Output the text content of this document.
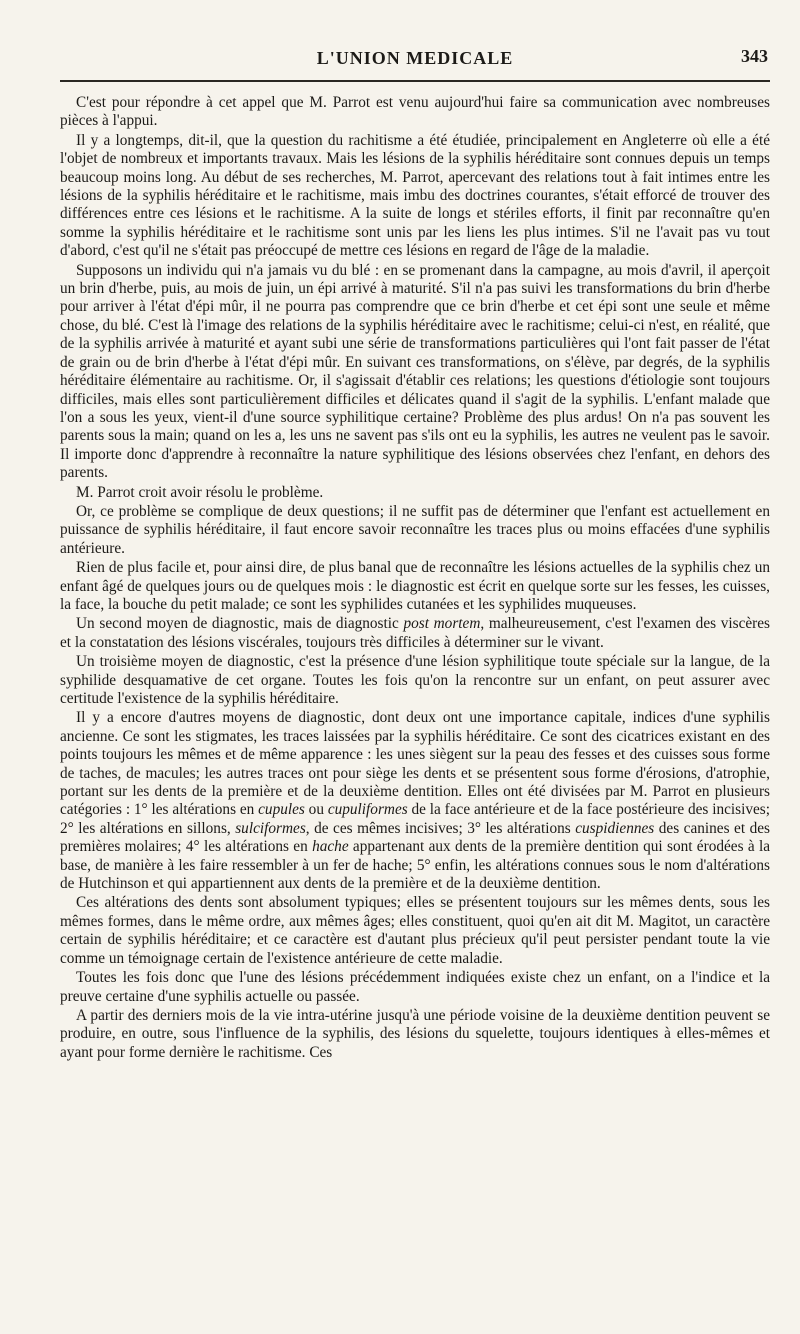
L'UNION MEDICALE	343

C'est pour répondre à cet appel que M. Parrot est venu aujourd'hui faire sa communication avec nombreuses pièces à l'appui.

Il y a longtemps, dit-il, que la question du rachitisme a été étudiée, principalement en Angleterre où elle a été l'objet de nombreux et importants travaux. Mais les lésions de la syphilis héréditaire sont connues depuis un temps beaucoup moins long. Au début de ses recherches, M. Parrot, apercevant des relations tout à fait intimes entre les lésions de la syphilis héréditaire et le rachitisme, mais imbu des doctrines courantes, s'était efforcé de trouver des différences entre ces lésions et le rachitisme. A la suite de longs et stériles efforts, il finit par reconnaître qu'en somme la syphilis héréditaire et le rachitisme sont unis par les liens les plus intimes. S'il ne l'avait pas vu tout d'abord, c'est qu'il ne s'était pas préoccupé de mettre ces lésions en regard de l'âge de la maladie.

Supposons un individu qui n'a jamais vu du blé : en se promenant dans la campagne, au mois d'avril, il aperçoit un brin d'herbe, puis, au mois de juin, un épi arrivé à maturité. S'il n'a pas suivi les transformations du brin d'herbe pour arriver à l'état d'épi mûr, il ne pourra pas comprendre que ce brin d'herbe et cet épi sont une seule et même chose, du blé. C'est là l'image des relations de la syphilis héréditaire avec le rachitisme; celui-ci n'est, en réalité, que de la syphilis arrivée à maturité et ayant subi une série de transformations particulières qui l'ont fait passer de l'état de grain ou de brin d'herbe à l'état d'épi mûr. En suivant ces transformations, on s'élève, par degrés, de la syphilis héréditaire élémentaire au rachitisme. Or, il s'agissait d'établir ces relations; les questions d'étiologie sont toujours difficiles, mais elles sont particulièrement difficiles et délicates quand il s'agit de la syphilis. L'enfant malade que l'on a sous les yeux, vient-il d'une source syphilitique certaine? Problème des plus ardus! On n'a pas souvent les parents sous la main; quand on les a, les uns ne savent pas s'ils ont eu la syphilis, les autres ne veulent pas le savoir. Il importe donc d'apprendre à reconnaître la nature syphilitique des lésions observées chez l'enfant, en dehors des parents.

M. Parrot croit avoir résolu le problème.

Or, ce problème se complique de deux questions; il ne suffit pas de déterminer que l'enfant est actuellement en puissance de syphilis héréditaire, il faut encore savoir reconnaître les traces plus ou moins effacées d'une syphilis antérieure.

Rien de plus facile et, pour ainsi dire, de plus banal que de reconnaître les lésions actuelles de la syphilis chez un enfant âgé de quelques jours ou de quelques mois : le diagnostic est écrit en quelque sorte sur les fesses, les cuisses, la face, la bouche du petit malade; ce sont les syphilides cutanées et les syphilides muqueuses.

Un second moyen de diagnostic, mais de diagnostic post mortem, malheureusement, c'est l'examen des viscères et la constatation des lésions viscérales, toujours très difficiles à déterminer sur le vivant.

Un troisième moyen de diagnostic, c'est la présence d'une lésion syphilitique toute spéciale sur la langue, de la syphilide desquamative de cet organe. Toutes les fois qu'on la rencontre sur un enfant, on peut assurer avec certitude l'existence de la syphilis héréditaire.

Il y a encore d'autres moyens de diagnostic, dont deux ont une importance capitale, indices d'une syphilis ancienne. Ce sont les stigmates, les traces laissées par la syphilis héréditaire. Ce sont des cicatrices existant en des points toujours les mêmes et de même apparence : les unes siègent sur la peau des fesses et des cuisses sous forme de taches, de macules; les autres traces ont pour siège les dents et se présentent sous forme d'érosions, d'atrophie, portant sur les dents de la première et de la deuxième dentition. Elles ont été divisées par M. Parrot en plusieurs catégories : 1° les altérations en cupules ou cupuliformes de la face antérieure et de la face postérieure des incisives; 2° les altérations en sillons, sulciformes, de ces mêmes incisives; 3° les altérations cuspidiennes des canines et des premières molaires; 4° les altérations en hache appartenant aux dents de la première dentition qui sont érodées à la base, de manière à les faire ressembler à un fer de hache; 5° enfin, les altérations connues sous le nom d'altérations de Hutchinson et qui appartiennent aux dents de la première et de la deuxième dentition.

Ces altérations des dents sont absolument typiques; elles se présentent toujours sur les mêmes dents, sous les mêmes formes, dans le même ordre, aux mêmes âges; elles constituent, quoi qu'en ait dit M. Magitot, un caractère certain de syphilis héréditaire; et ce caractère est d'autant plus précieux qu'il peut persister pendant toute la vie comme un témoignage certain de l'existence antérieure de cette maladie.

Toutes les fois donc que l'une des lésions précédemment indiquées existe chez un enfant, on a l'indice et la preuve certaine d'une syphilis actuelle ou passée.

A partir des derniers mois de la vie intra-utérine jusqu'à une période voisine de la deuxième dentition peuvent se produire, en outre, sous l'influence de la syphilis, des lésions du squelette, toujours identiques à elles-mêmes et ayant pour forme dernière le rachitisme. Ces
